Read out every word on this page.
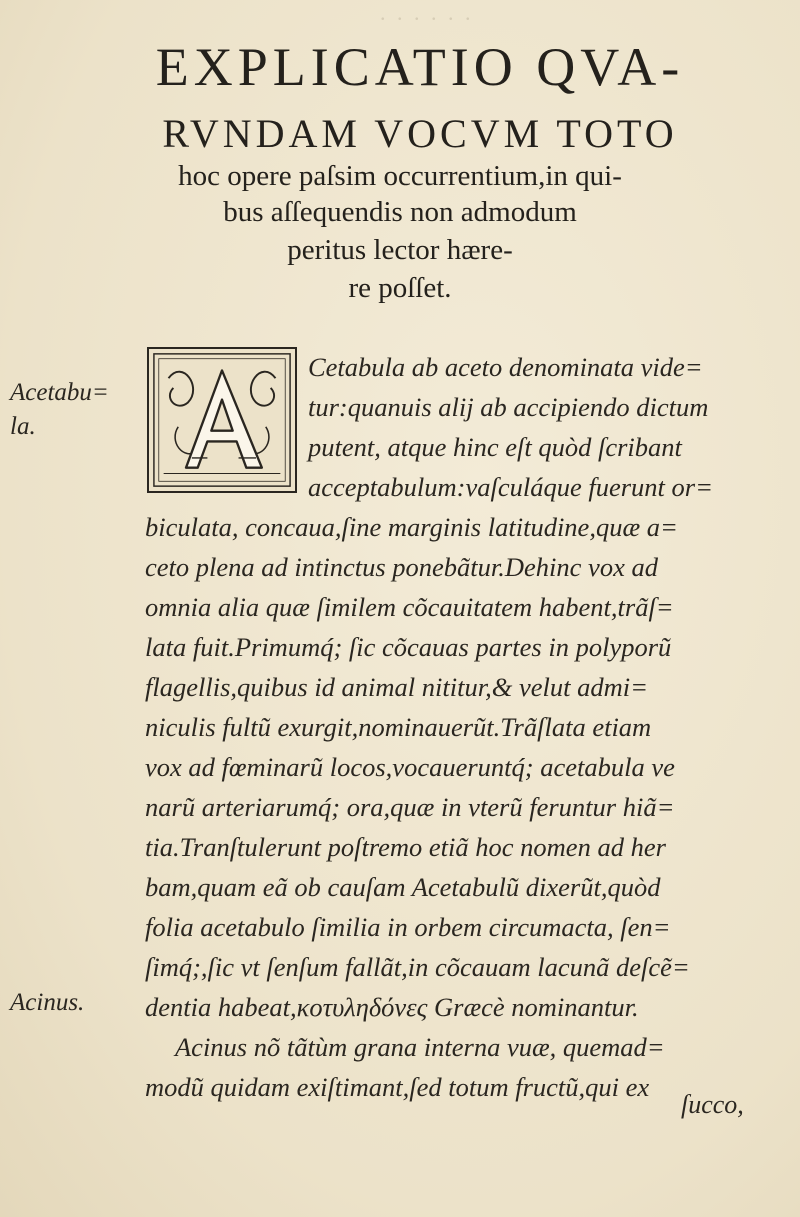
. . . . . .
EXPLICATIO QVA-
RVNDAM VOCVM TOTO
hoc opere paſsim occurrentium,in qui-
bus aſſequendis non admodum
peritus lector hære-
re poſſet.
Acetabu=
la.
Acinus.
Cetabula ab aceto denominata vide=
tur:quanuis alij ab accipiendo dictum
putent, atque hinc eſt quòd ſcribant
acceptabulum:vaſculáque fuerunt or=
biculata, concaua,ſine marginis latitudine,quæ a=
ceto plena ad intinctus ponebãtur.Dehinc vox ad
omnia alia quæ ſimilem cõcauitatem habent,trãſ=
lata fuit.Primumq́; ſic cõcauas partes in polyporũ
flagellis,quibus id animal nititur,& velut admi=
niculis fultũ exurgit,nominauerũt.Trãſlata etiam
vox ad fœminarũ locos,vocaueruntq́; acetabula ve
narũ arteriarumq́; ora,quæ in vterũ feruntur hiã=
tia.Tranſtulerunt poſtremo etiã hoc nomen ad her
bam,quam eã ob cauſam Acetabulũ dixerũt,quòd
folia acetabulo ſimilia in orbem circumacta, ſen=
ſimq́;,ſic vt ſenſum fallãt,in cõcauam lacunã deſcẽ=
dentia habeat,κοτυληδόνες Græcè nominantur.
Acinus nõ tãtùm grana interna vuæ, quemad=
modũ quidam exiſtimant,ſed totum fructũ,qui ex
ſucco,
